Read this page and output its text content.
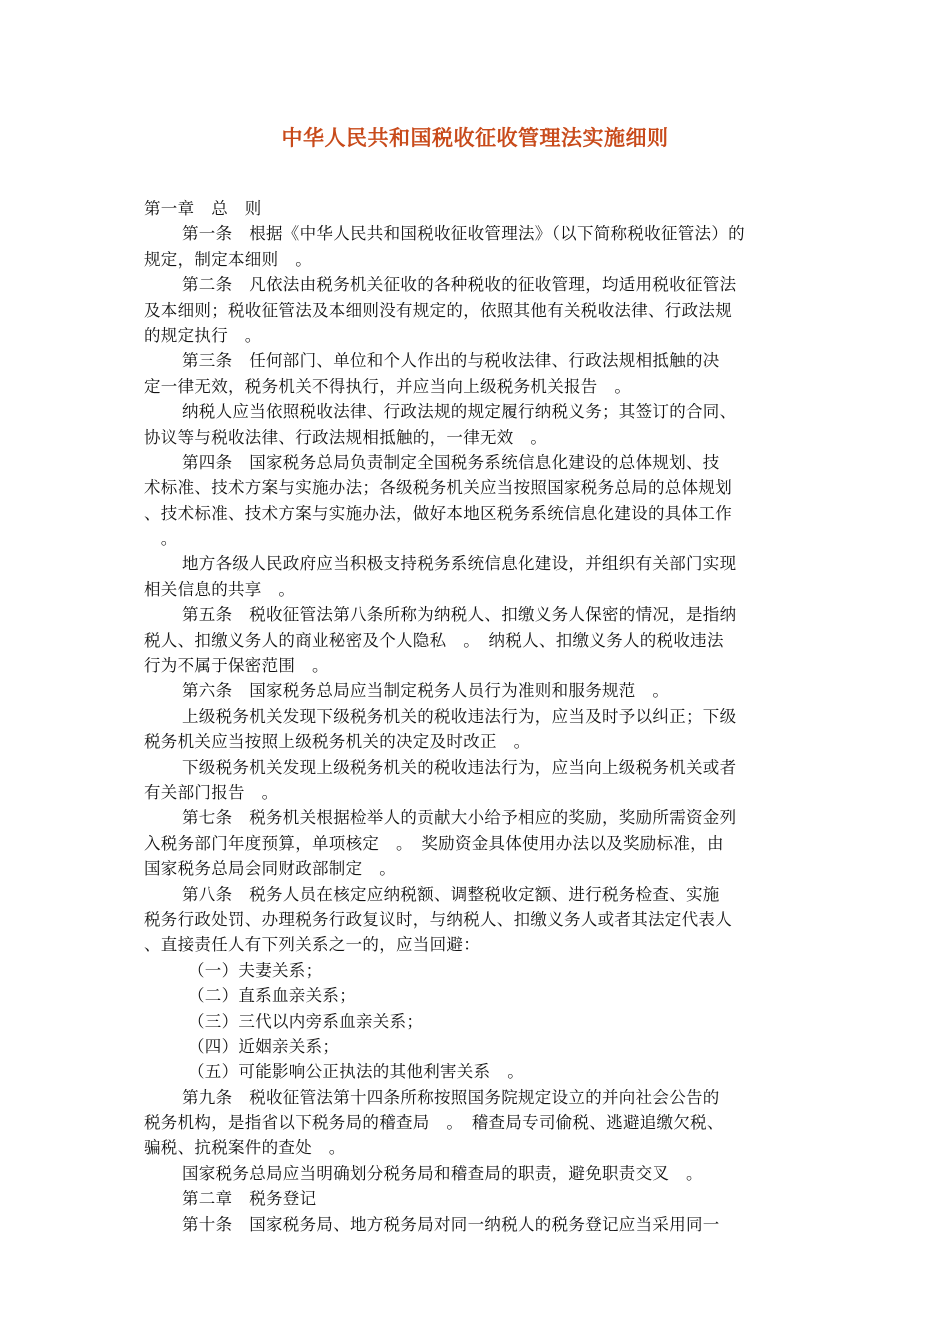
中华人民共和国税收征收管理法实施细则
第一章　总　则
第一条　根据《中华人民共和国税收征收管理法》（以下简称税收征管法）的
规定，制定本细则　。
第二条　凡依法由税务机关征收的各种税收的征收管理，均适用税收征管法
及本细则；税收征管法及本细则没有规定的，依照其他有关税收法律、行政法规
的规定执行　。
第三条　任何部门、单位和个人作出的与税收法律、行政法规相抵触的决
定一律无效，税务机关不得执行，并应当向上级税务机关报告　。
纳税人应当依照税收法律、行政法规的规定履行纳税义务；其签订的合同、
协议等与税收法律、行政法规相抵触的，一律无效　。
第四条　国家税务总局负责制定全国税务系统信息化建设的总体规划、技
术标准、技术方案与实施办法；各级税务机关应当按照国家税务总局的总体规划
、技术标准、技术方案与实施办法，做好本地区税务系统信息化建设的具体工作
　。
地方各级人民政府应当积极支持税务系统信息化建设，并组织有关部门实现
相关信息的共享　。
第五条　税收征管法第八条所称为纳税人、扣缴义务人保密的情况，是指纳
税人、扣缴义务人的商业秘密及个人隐私　。　纳税人、扣缴义务人的税收违法
行为不属于保密范围　。
第六条　国家税务总局应当制定税务人员行为准则和服务规范　。
上级税务机关发现下级税务机关的税收违法行为，应当及时予以纠正；下级
税务机关应当按照上级税务机关的决定及时改正　。
下级税务机关发现上级税务机关的税收违法行为，应当向上级税务机关或者
有关部门报告　。
第七条　税务机关根据检举人的贡献大小给予相应的奖励，奖励所需资金列
入税务部门年度预算，单项核定　。　奖励资金具体使用办法以及奖励标准，由
国家税务总局会同财政部制定　。
第八条　税务人员在核定应纳税额、调整税收定额、进行税务检查、实施
税务行政处罚、办理税务行政复议时，与纳税人、扣缴义务人或者其法定代表人
、直接责任人有下列关系之一的，应当回避：
（一）夫妻关系；
（二）直系血亲关系；
（三）三代以内旁系血亲关系；
（四）近姻亲关系；
（五）可能影响公正执法的其他利害关系　。
第九条　税收征管法第十四条所称按照国务院规定设立的并向社会公告的
税务机构，是指省以下税务局的稽查局　。　稽查局专司偷税、逃避追缴欠税、
骗税、抗税案件的查处　。
国家税务总局应当明确划分税务局和稽查局的职责，避免职责交叉　。
第二章　税务登记
第十条　国家税务局、地方税务局对同一纳税人的税务登记应当采用同一
